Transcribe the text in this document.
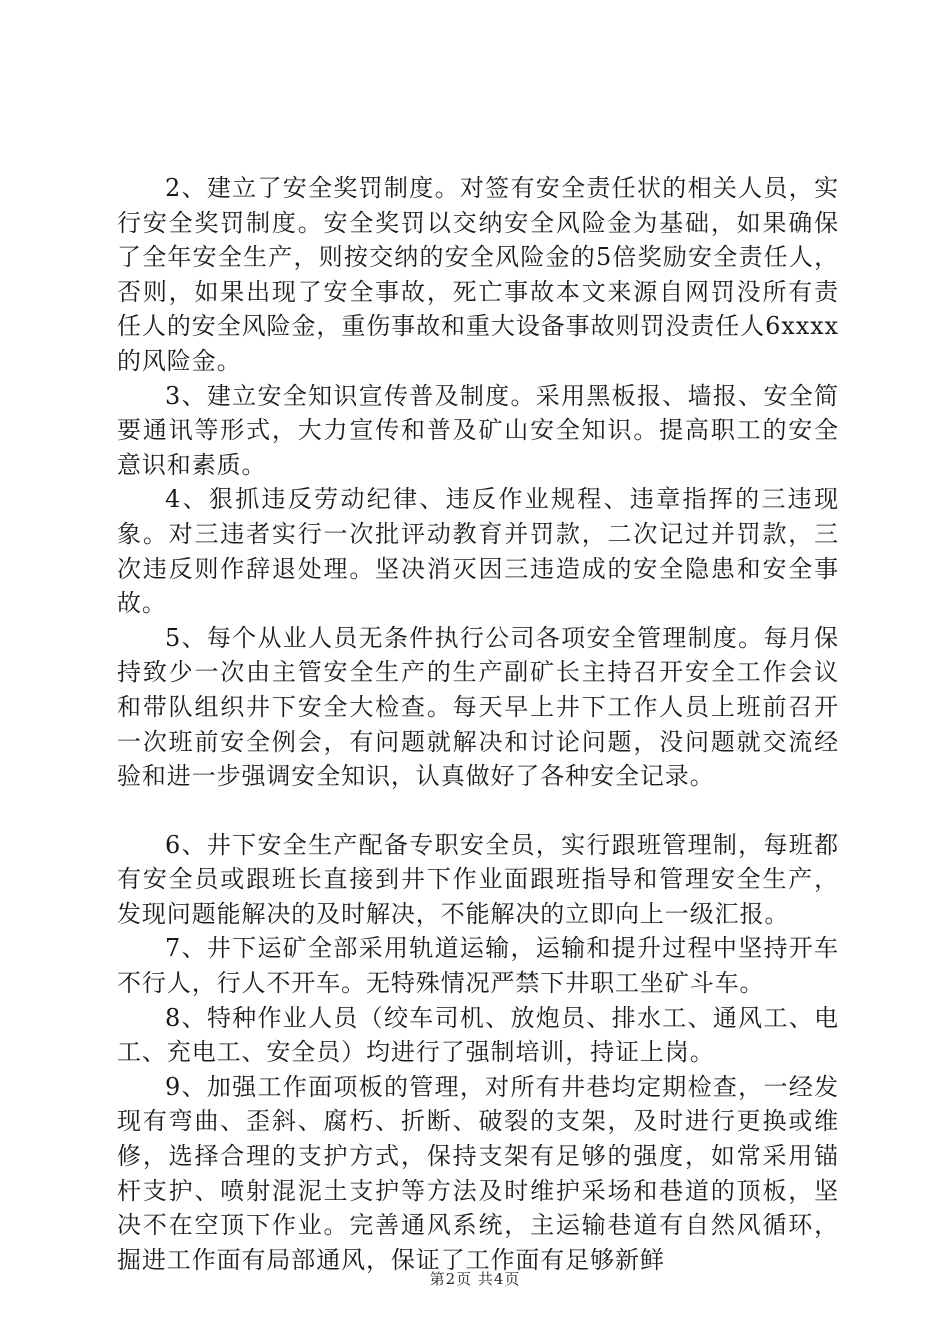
2、建立了安全奖罚制度。对签有安全责任状的相关人员，实行安全奖罚制度。安全奖罚以交纳安全风险金为基础，如果确保了全年安全生产，则按交纳的安全风险金的5倍奖励安全责任人，否则，如果出现了安全事故，死亡事故本文来源自网罚没所有责任人的安全风险金，重伤事故和重大设备事故则罚没责任人6xxxx的风险金。

3、建立安全知识宣传普及制度。采用黑板报、墙报、安全简要通讯等形式，大力宣传和普及矿山安全知识。提高职工的安全意识和素质。

4、狠抓违反劳动纪律、违反作业规程、违章指挥的三违现象。对三违者实行一次批评动教育并罚款，二次记过并罚款，三次违反则作辞退处理。坚决消灭因三违造成的安全隐患和安全事故。

5、每个从业人员无条件执行公司各项安全管理制度。每月保持致少一次由主管安全生产的生产副矿长主持召开安全工作会议和带队组织井下安全大检查。每天早上井下工作人员上班前召开一次班前安全例会，有问题就解决和讨论问题，没问题就交流经验和进一步强调安全知识，认真做好了各种安全记录。

6、井下安全生产配备专职安全员，实行跟班管理制，每班都有安全员或跟班长直接到井下作业面跟班指导和管理安全生产，发现问题能解决的及时解决，不能解决的立即向上一级汇报。

7、井下运矿全部采用轨道运输，运输和提升过程中坚持开车不行人，行人不开车。无特殊情况严禁下井职工坐矿斗车。

8、特种作业人员（绞车司机、放炮员、排水工、通风工、电工、充电工、安全员）均进行了强制培训，持证上岗。

9、加强工作面项板的管理，对所有井巷均定期检查，一经发现有弯曲、歪斜、腐朽、折断、破裂的支架，及时进行更换或维修，选择合理的支护方式，保持支架有足够的强度，如常采用锚杆支护、喷射混泥土支护等方法及时维护采场和巷道的顶板，坚决不在空顶下作业。完善通风系统，主运输巷道有自然风循环，掘进工作面有局部通风，保证了工作面有足够新鲜

第2页 共4页
